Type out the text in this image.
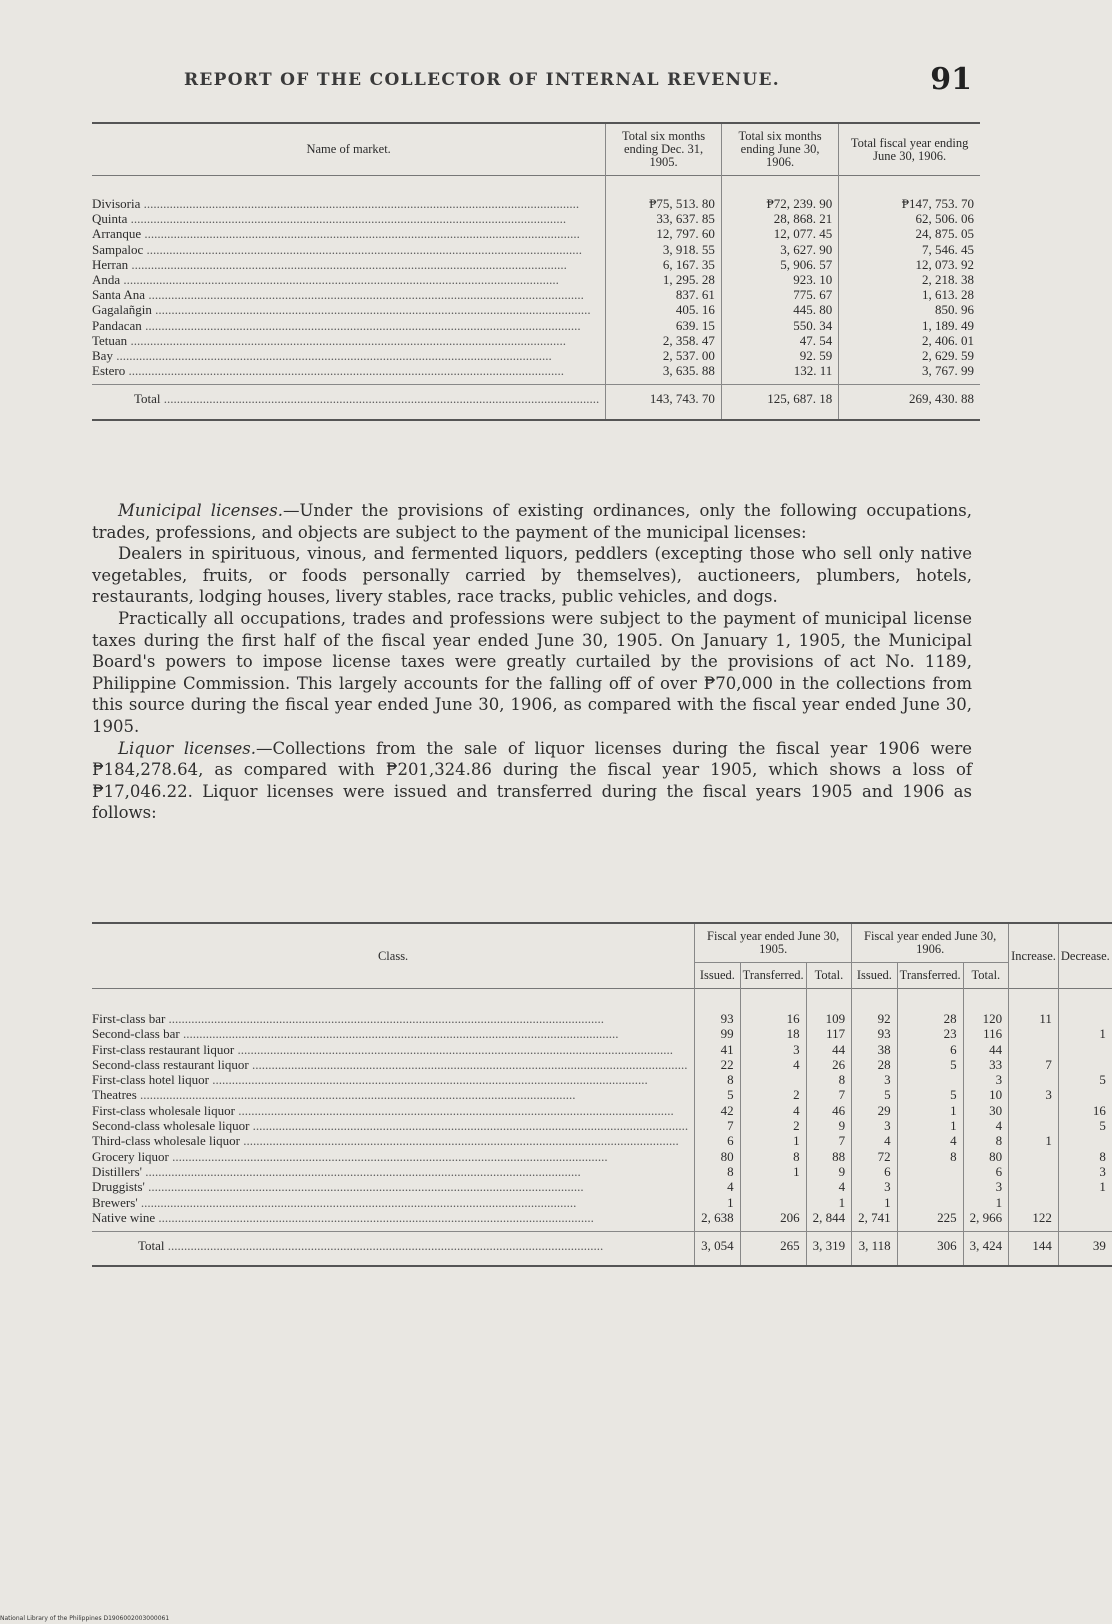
REPORT OF THE COLLECTOR OF INTERNAL REVENUE.	91
Name of market.	Total six months ending Dec. 31, 1905.	Total six months ending June 30, 1906.	Total fiscal year ending June 30, 1906.

Divisoria .....	₱75, 513. 80	₱72, 239. 90	₱147, 753. 70

Quinta .....	33, 637. 85	28, 868. 21	62, 506. 06

Arranque .....	12, 797. 60	12, 077. 45	24, 875. 05

Sampaloc .....	3, 918. 55	3, 627. 90	7, 546. 45

Herran .....	6, 167. 35	5, 906. 57	12, 073. 92

Anda .....	1, 295. 28	923. 10	2, 218. 38

Santa Ana .....	837. 61	775. 67	1, 613. 28

Gagalañgin .....	405. 16	445. 80	850. 96

Pandacan .....	639. 15	550. 34	1, 189. 49

Tetuan .....	2, 358. 47	47. 54	2, 406. 01

Bay .....	2, 537. 00	92. 59	2, 629. 59

Estero .....	3, 635. 88	132. 11	3, 767. 99

Total .....	143, 743. 70	125, 687. 18	269, 430. 88

Municipal licenses.—Under the provisions of existing ordinances, only the following occupations, trades, professions, and objects are subject to the payment of the municipal licenses:

Dealers in spirituous, vinous, and fermented liquors, peddlers (excepting those who sell only native vegetables, fruits, or foods personally carried by themselves), auctioneers, plumbers, hotels, restaurants, lodging houses, livery stables, race tracks, public vehicles, and dogs.

Practically all occupations, trades and professions were subject to the payment of municipal license taxes during the first half of the fiscal year ended June 30, 1905. On January 1, 1905, the Municipal Board's powers to impose license taxes were greatly curtailed by the provisions of act No. 1189, Philippine Commission. This largely accounts for the falling off of over ₱70,000 in the collections from this source during the fiscal year ended June 30, 1906, as compared with the fiscal year ended June 30, 1905.

Liquor licenses.—Collections from the sale of liquor licenses during the fiscal year 1906 were ₱184,278.64, as compared with ₱201,324.86 during the fiscal year 1905, which shows a loss of ₱17,046.22. Liquor licenses were issued and transferred during the fiscal years 1905 and 1906 as follows:

Class.	Fiscal year ended June 30, 1905.			Fiscal year ended June 30, 1906.			Increase.	Decrease.
	Issued.	Transferred.	Total.	Issued.	Transferred.	Total.		

First-class bar .....	93	16	109	92	28	120	11	

Second-class bar .....	99	18	117	93	23	116		1

First-class restaurant liquor .....	41	3	44	38	6	44		

Second-class restaurant liquor .....	22	4	26	28	5	33	7	

First-class hotel liquor .....	8		8	3		3		5

Theatres .....	5	2	7	5	5	10	3	

First-class wholesale liquor .....	42	4	46	29	1	30		16

Second-class wholesale liquor .....	7	2	9	3	1	4		5

Third-class wholesale liquor .....	6	1	7	4	4	8	1	

Grocery liquor .....	80	8	88	72	8	80		8

Distillers' .....	8	1	9	6		6		3

Druggists' .....	4		4	3		3		1

Brewers' .....	1		1	1		1		

Native wine .....	2, 638	206	2, 844	2, 741	225	2, 966	122	

Total .....	3, 054	265	3, 319	3, 118	306	3, 424	144	39
National Library of the Philippines D1906002003000061
